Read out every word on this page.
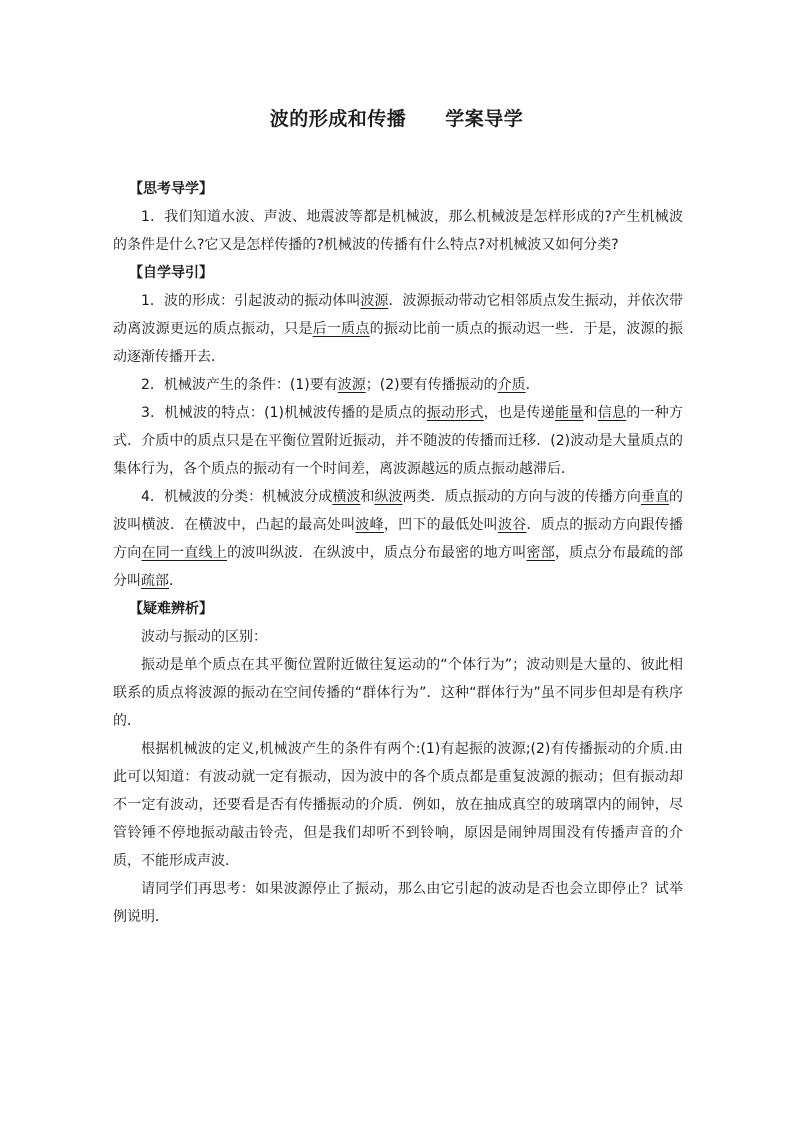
波的形成和传播　　学案导学

【思考导学】

1．我们知道水波、声波、地震波等都是机械波，那么机械波是怎样形成的?产生机械波的条件是什么?它又是怎样传播的?机械波的传播有什么特点?对机械波又如何分类?

【自学导引】

1．波的形成：引起波动的振动体叫波源．波源振动带动它相邻质点发生振动，并依次带动离波源更远的质点振动，只是后一质点的振动比前一质点的振动迟一些．于是，波源的振动逐渐传播开去．

2．机械波产生的条件：(1)要有波源；(2)要有传播振动的介质．

3．机械波的特点：(1)机械波传播的是质点的振动形式，也是传递能量和信息的一种方式．介质中的质点只是在平衡位置附近振动，并不随波的传播而迁移．(2)波动是大量质点的集体行为，各个质点的振动有一个时间差，离波源越远的质点振动越滞后．

4．机械波的分类：机械波分成横波和纵波两类．质点振动的方向与波的传播方向垂直的波叫横波．在横波中，凸起的最高处叫波峰，凹下的最低处叫波谷．质点的振动方向跟传播方向在同一直线上的波叫纵波．在纵波中，质点分布最密的地方叫密部，质点分布最疏的部分叫疏部．

【疑难辨析】

波动与振动的区别：

振动是单个质点在其平衡位置附近做往复运动的“个体行为”；波动则是大量的、彼此相联系的质点将波源的振动在空间传播的“群体行为”．这种“群体行为”虽不同步但却是有秩序的．

根据机械波的定义,机械波产生的条件有两个:(1)有起振的波源;(2)有传播振动的介质.由此可以知道：有波动就一定有振动，因为波中的各个质点都是重复波源的振动；但有振动却不一定有波动，还要看是否有传播振动的介质．例如，放在抽成真空的玻璃罩内的闹钟，尽管铃锤不停地振动敲击铃壳，但是我们却听不到铃响，原因是闹钟周围没有传播声音的介质，不能形成声波．

请同学们再思考：如果波源停止了振动，那么由它引起的波动是否也会立即停止？试举例说明．
